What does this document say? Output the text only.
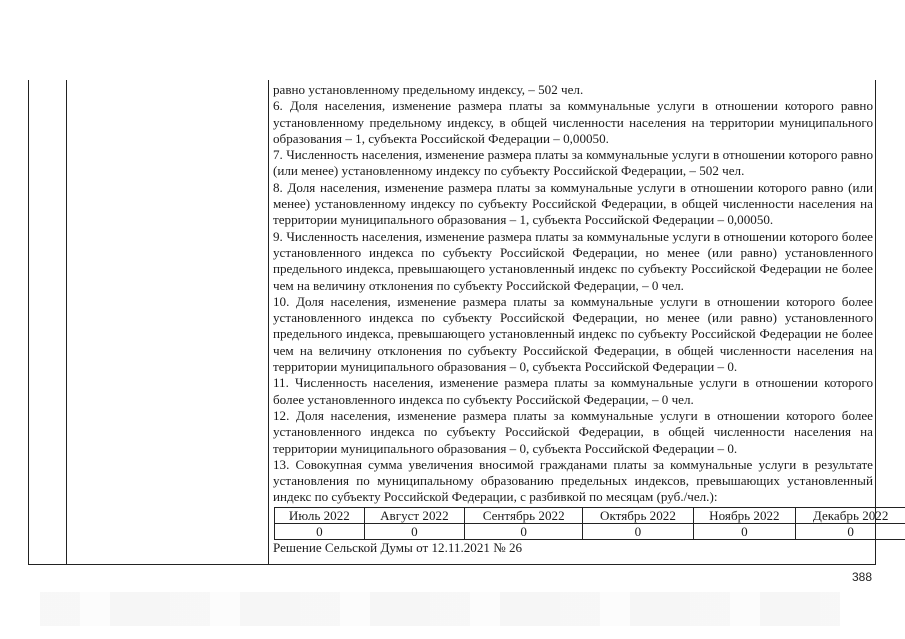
равно установленному предельному индексу, – 502 чел.

6. Доля населения, изменение размера платы за коммунальные услуги в отношении которого равно установленному предельному индексу, в общей численности населения на территории муниципального образования – 1, субъекта Российской Федерации – 0,00050.

7. Численность населения, изменение размера платы за коммунальные услуги в отношении которого равно (или менее) установленному индексу по субъекту Российской Федерации, – 502 чел.

8. Доля населения, изменение размера платы за коммунальные услуги в отношении которого равно (или менее) установленному индексу по субъекту Российской Федерации, в общей численности населения на территории муниципального образования – 1, субъекта Российской Федерации – 0,00050.

9. Численность населения, изменение размера платы за коммунальные услуги в отношении которого более установленного индекса по субъекту Российской Федерации, но менее (или равно) установленного предельного индекса, превышающего установленный индекс по субъекту Российской Федерации не более чем на величину отклонения по субъекту Российской Федерации, – 0 чел.

10. Доля населения, изменение размера платы за коммунальные услуги в отношении которого более установленного индекса по субъекту Российской Федерации, но менее (или равно) установленного предельного индекса, превышающего установленный индекс по субъекту Российской Федерации не более чем на величину отклонения по субъекту Российской Федерации, в общей численности населения на территории муниципального образования – 0, субъекта Российской Федерации – 0.

11. Численность населения, изменение размера платы за коммунальные услуги в отношении которого более установленного индекса по субъекту Российской Федерации, – 0 чел.

12. Доля населения, изменение размера платы за коммунальные услуги в отношении которого более установленного индекса по субъекту Российской Федерации, в общей численности населения на территории муниципального образования – 0, субъекта Российской Федерации – 0.

13. Совокупная сумма увеличения вносимой гражданами платы за коммунальные услуги в результате установления по муниципальному образованию предельных индексов, превышающих установленный индекс по субъекту Российской Федерации, с разбивкой по месяцам (руб./чел.):

Июль 2022	Август 2022	Сентябрь 2022	Октябрь 2022	Ноябрь 2022	Декабрь 2022
0	0	0	0	0	0

Решение Сельской Думы от 12.11.2021 № 26

388
